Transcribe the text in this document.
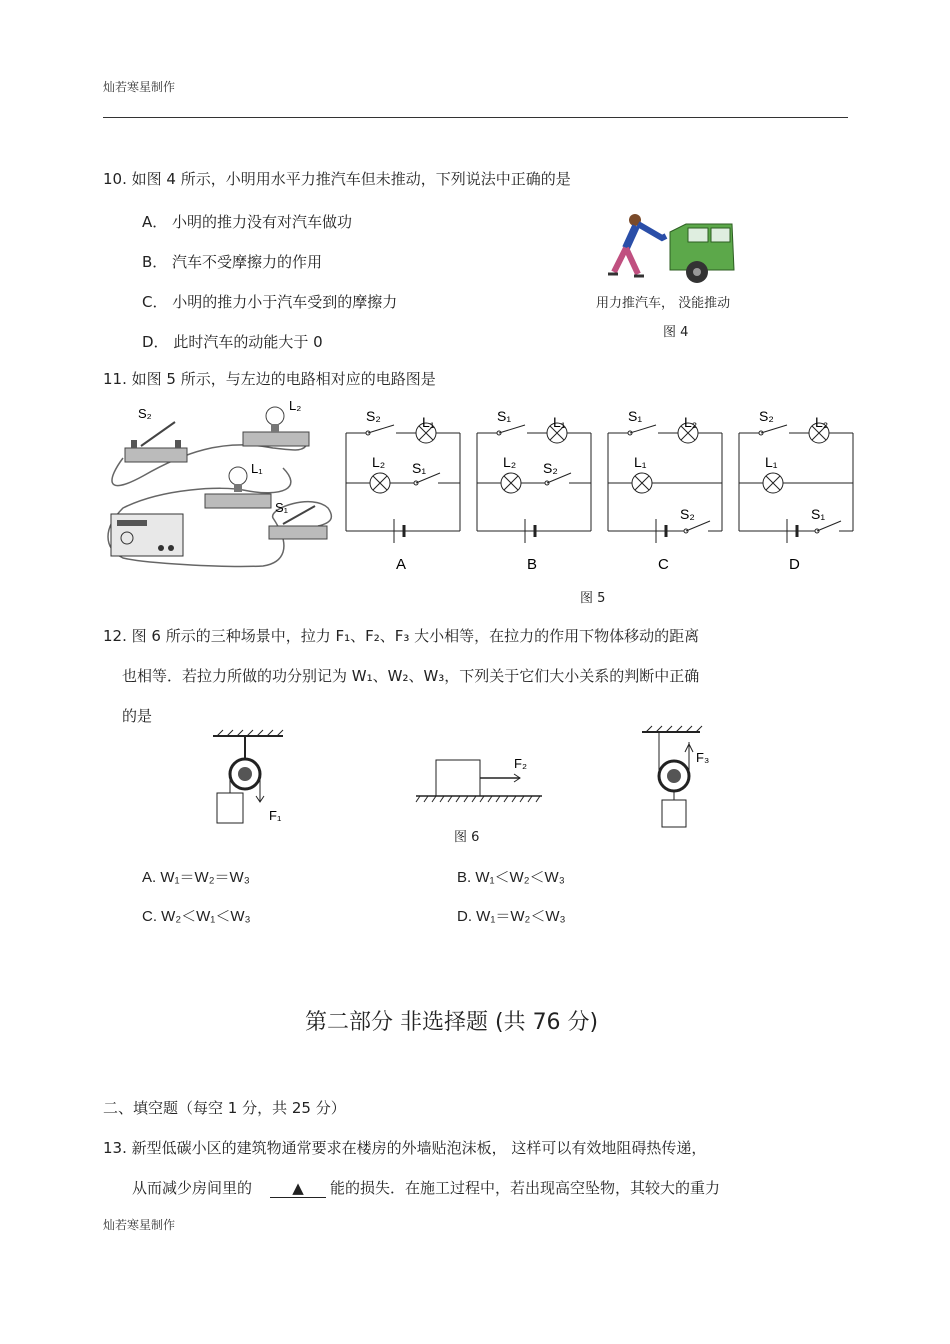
灿若寒星制作
10. 如图 4 所示，小明用水平力推汽车但未推动，下列说法中正确的是
A． 小明的推力没有对汽车做功
B． 汽车不受摩擦力的作用
C． 小明的推力小于汽车受到的摩擦力
D． 此时汽车的动能大于 0
用力推汽车， 没能推动
图 4
11. 如图 5 所示，与左边的电路相对应的电路图是
S₂
L₂
L₁
S₁
S₂	L₁
L₂ S₁
A
S₁	L₁
L₂ S₂
B
S₁	L₂
L₁
S₂
C
S₂	L₂
L₁
S₁
D
图 5
12. 图 6 所示的三种场景中，拉力 F₁、F₂、F₃ 大小相等，在拉力的作用下物体移动的距离
也相等．若拉力所做的功分别记为 W₁、W₂、W₃，下列关于它们大小关系的判断中正确
的是
F₁
F₂
图 6
F₃
A. W₁＝W₂＝W₃	B. W₁＜W₂＜W₃
C. W₂＜W₁＜W₃	D. W₁＝W₂＜W₃
第二部分 非选择题 (共 76 分)
二、填空题（每空 1 分，共 25 分）
13. 新型低碳小区的建筑物通常要求在楼房的外墙贴泡沫板， 这样可以有效地阻碍热传递，
从而减少房间里的	▲ 能的损失．在施工过程中，若出现高空坠物，其较大的重力
灿若寒星制作
